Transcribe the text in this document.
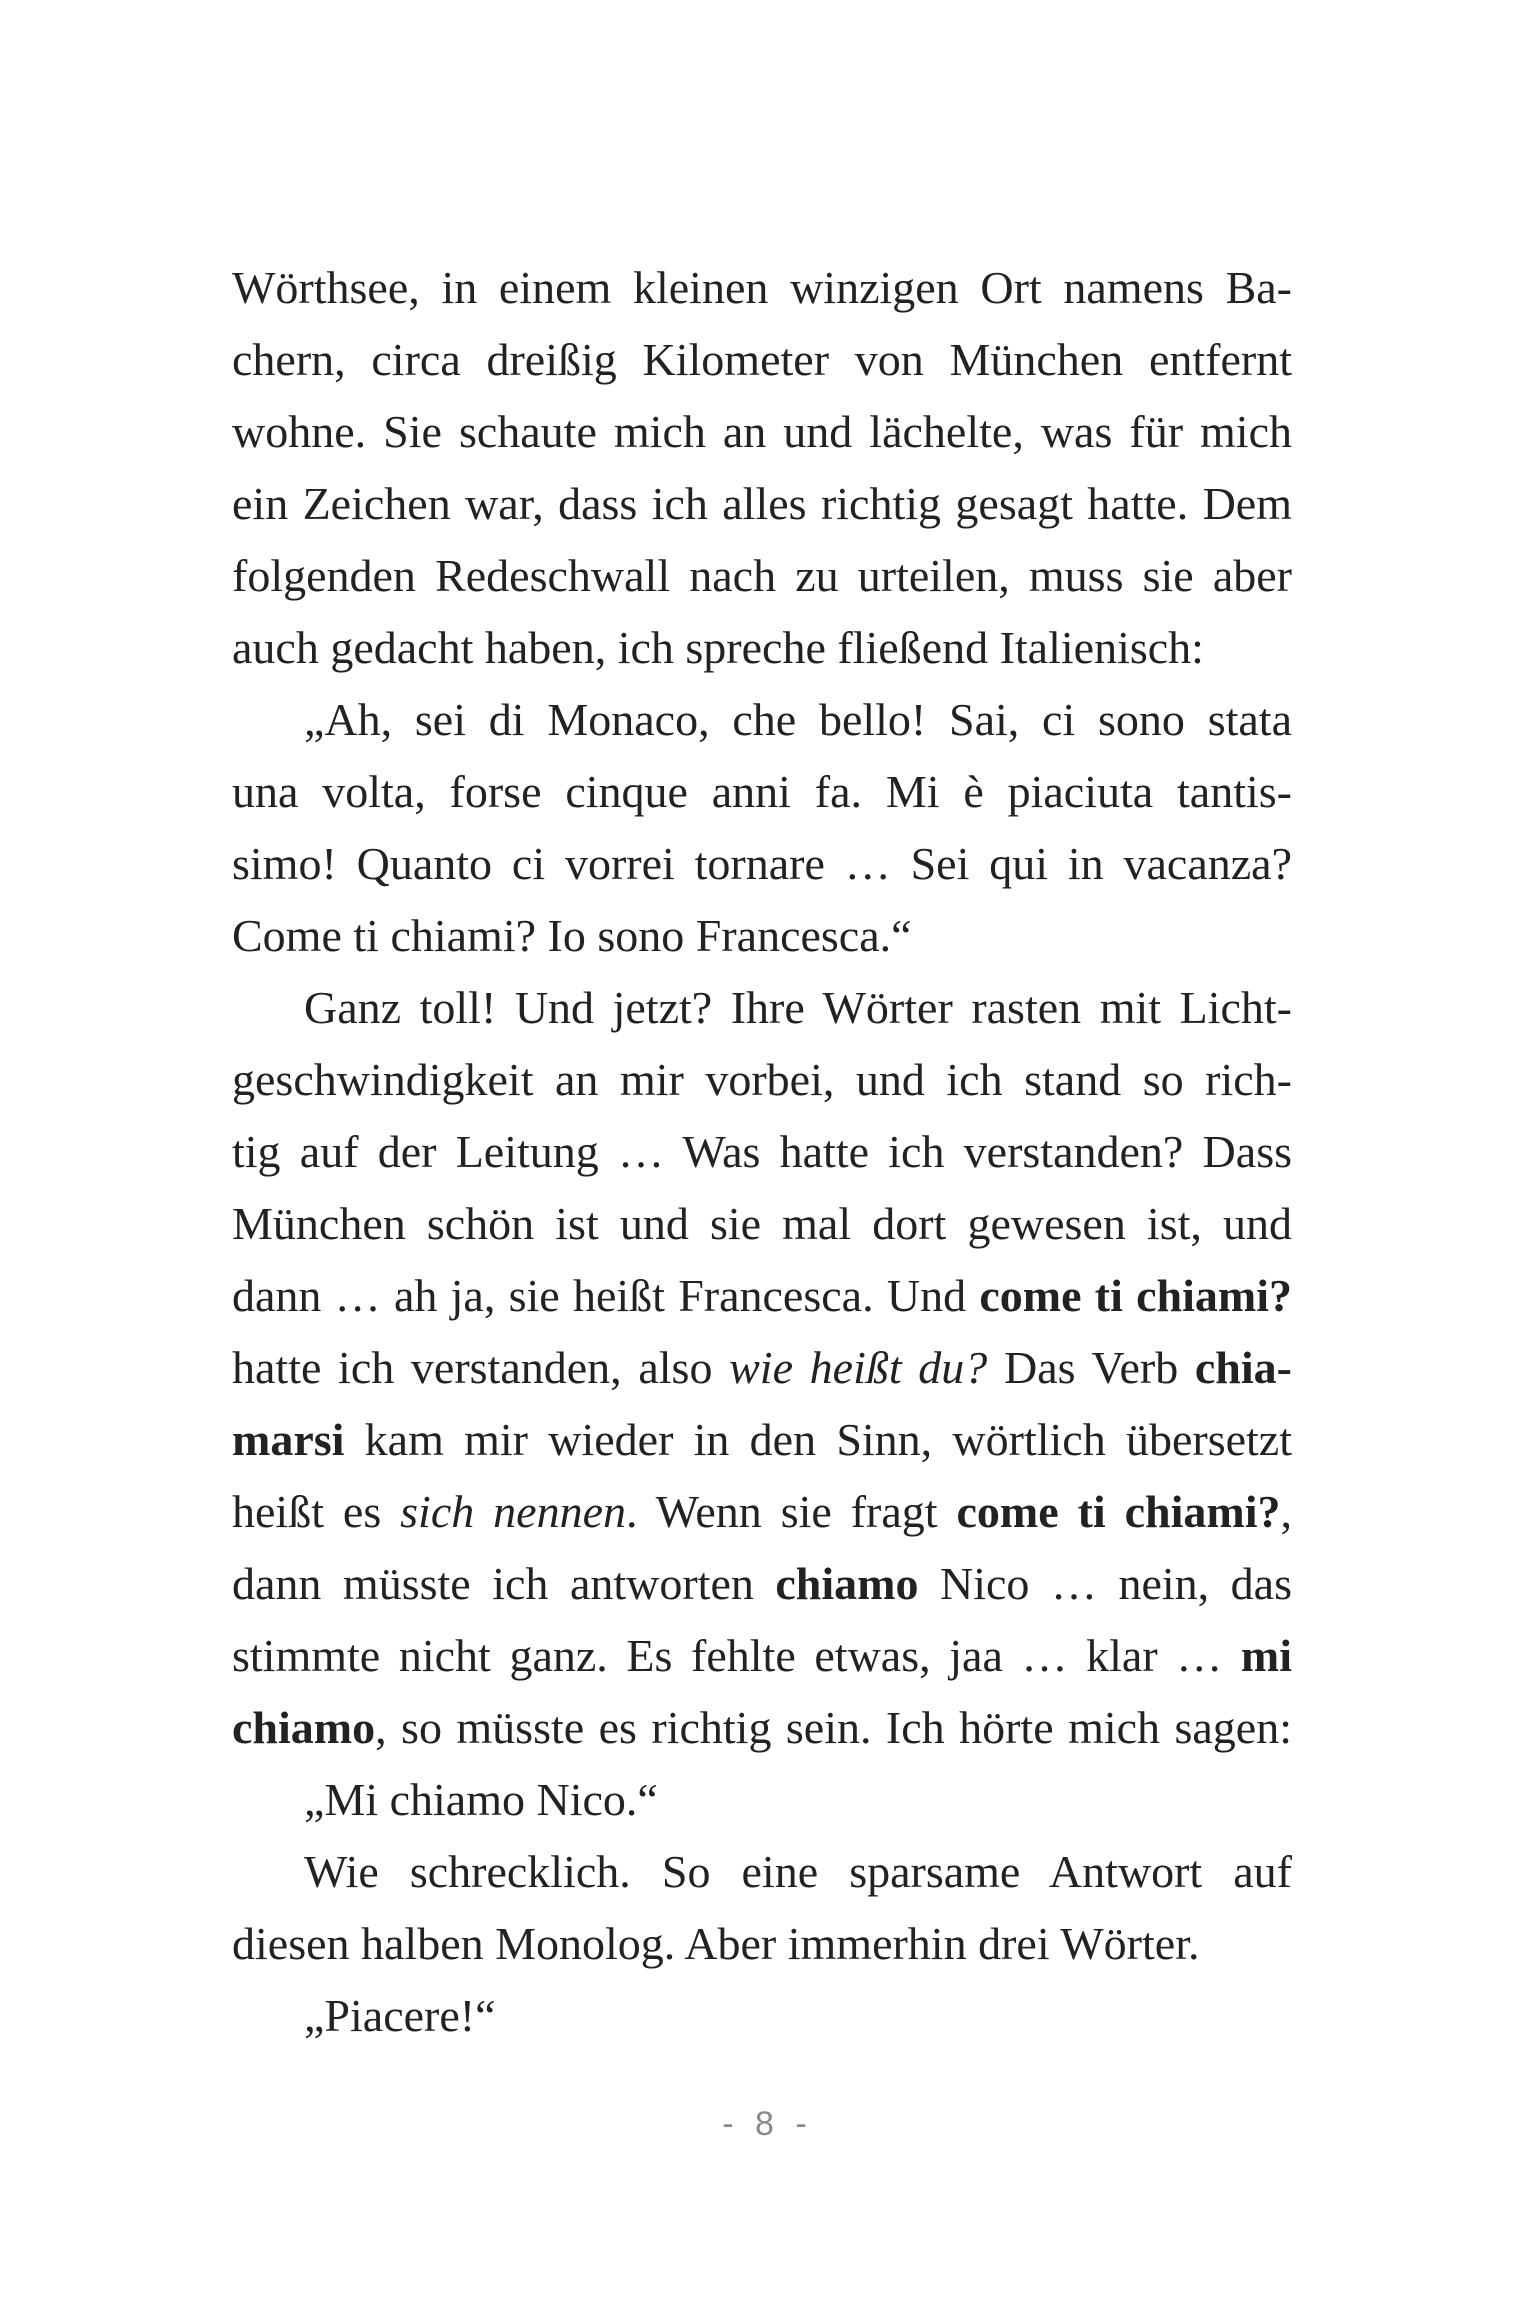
Wörthsee, in einem kleinen winzigen Ort namens Ba-
chern, circa dreißig Kilometer von München entfernt
wohne. Sie schaute mich an und lächelte, was für mich
ein Zeichen war, dass ich alles richtig gesagt hatte. Dem
folgenden Redeschwall nach zu urteilen, muss sie aber
auch gedacht haben, ich spreche fließend Italienisch:
„Ah, sei di Monaco, che bello! Sai, ci sono stata
una volta, forse cinque anni fa. Mi è piaciuta tantis-
simo! Quanto ci vorrei tornare … Sei qui in vacanza?
Come ti chiami? Io sono Francesca.“
Ganz toll! Und jetzt? Ihre Wörter rasten mit Licht-
geschwindigkeit an mir vorbei, und ich stand so rich-
tig auf der Leitung … Was hatte ich verstanden? Dass
München schön ist und sie mal dort gewesen ist, und
dann … ah ja, sie heißt Francesca. Und come ti chiami?
hatte ich verstanden, also wie heißt du? Das Verb chia-
marsi kam mir wieder in den Sinn, wörtlich übersetzt
heißt es sich nennen. Wenn sie fragt come ti chiami?,
dann müsste ich antworten chiamo Nico … nein, das
stimmte nicht ganz. Es fehlte etwas, jaa … klar … mi
chiamo, so müsste es richtig sein. Ich hörte mich sagen:
„Mi chiamo Nico.“
Wie schrecklich. So eine sparsame Antwort auf
diesen halben Monolog. Aber immerhin drei Wörter.
„Piacere!“
- 8 -
